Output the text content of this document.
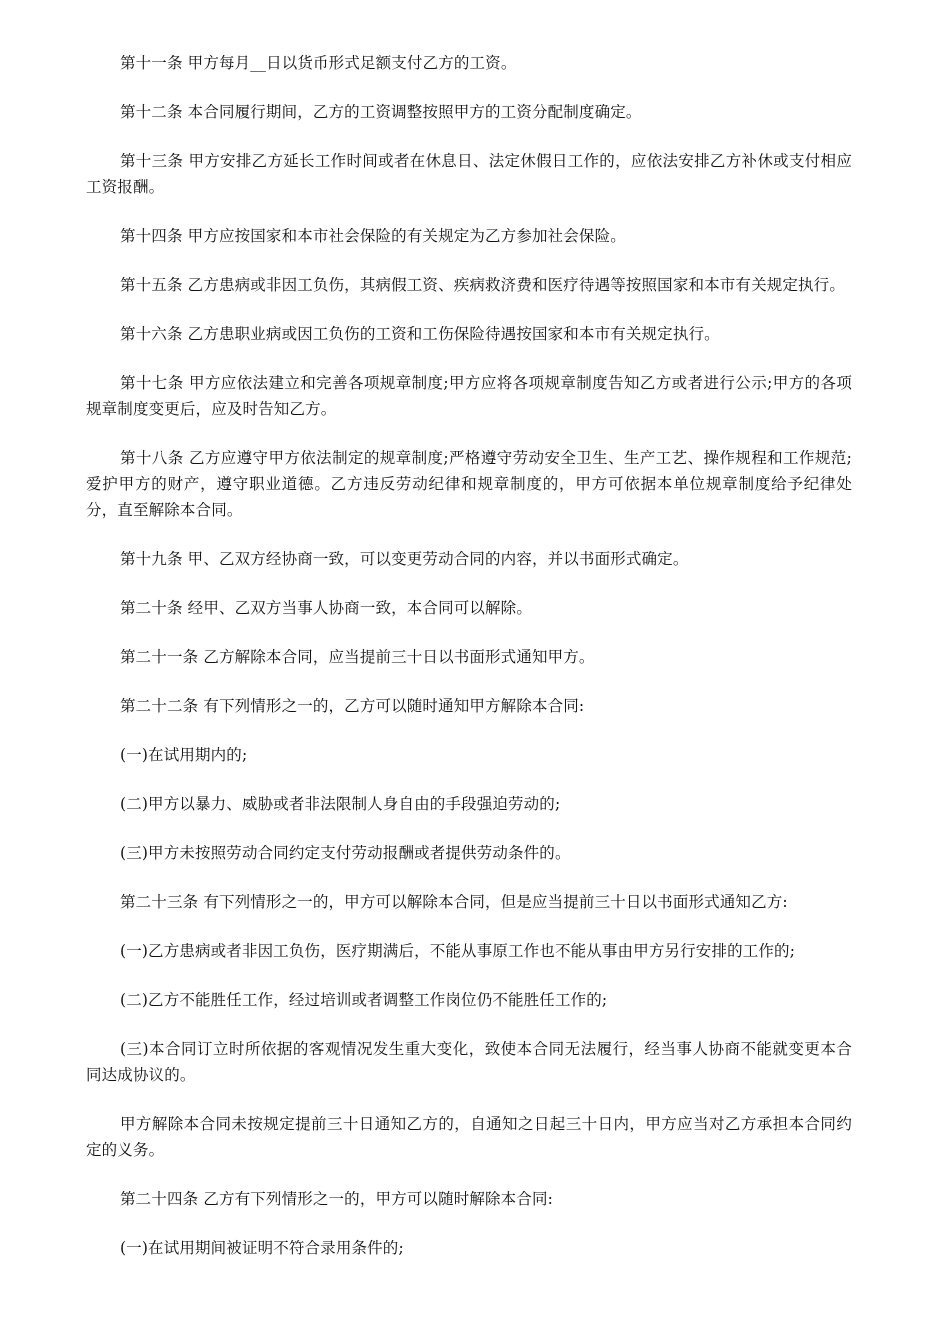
第十一条 甲方每月__日以货币形式足额支付乙方的工资。

第十二条 本合同履行期间，乙方的工资调整按照甲方的工资分配制度确定。

第十三条 甲方安排乙方延长工作时间或者在休息日、法定休假日工作的，应依法安排乙方补休或支付相应工资报酬。

第十四条 甲方应按国家和本市社会保险的有关规定为乙方参加社会保险。

第十五条 乙方患病或非因工负伤，其病假工资、疾病救济费和医疗待遇等按照国家和本市有关规定执行。

第十六条 乙方患职业病或因工负伤的工资和工伤保险待遇按国家和本市有关规定执行。

第十七条 甲方应依法建立和完善各项规章制度;甲方应将各项规章制度告知乙方或者进行公示;甲方的各项规章制度变更后，应及时告知乙方。

第十八条 乙方应遵守甲方依法制定的规章制度;严格遵守劳动安全卫生、生产工艺、操作规程和工作规范;爱护甲方的财产，遵守职业道德。乙方违反劳动纪律和规章制度的，甲方可依据本单位规章制度给予纪律处分，直至解除本合同。

第十九条 甲、乙双方经协商一致，可以变更劳动合同的内容，并以书面形式确定。

第二十条 经甲、乙双方当事人协商一致，本合同可以解除。

第二十一条 乙方解除本合同，应当提前三十日以书面形式通知甲方。

第二十二条 有下列情形之一的，乙方可以随时通知甲方解除本合同:

(一)在试用期内的;

(二)甲方以暴力、威胁或者非法限制人身自由的手段强迫劳动的;

(三)甲方未按照劳动合同约定支付劳动报酬或者提供劳动条件的。

第二十三条 有下列情形之一的，甲方可以解除本合同，但是应当提前三十日以书面形式通知乙方:

(一)乙方患病或者非因工负伤，医疗期满后，不能从事原工作也不能从事由甲方另行安排的工作的;

(二)乙方不能胜任工作，经过培训或者调整工作岗位仍不能胜任工作的;

(三)本合同订立时所依据的客观情况发生重大变化，致使本合同无法履行，经当事人协商不能就变更本合同达成协议的。

甲方解除本合同未按规定提前三十日通知乙方的，自通知之日起三十日内，甲方应当对乙方承担本合同约定的义务。

第二十四条 乙方有下列情形之一的，甲方可以随时解除本合同:

(一)在试用期间被证明不符合录用条件的;
